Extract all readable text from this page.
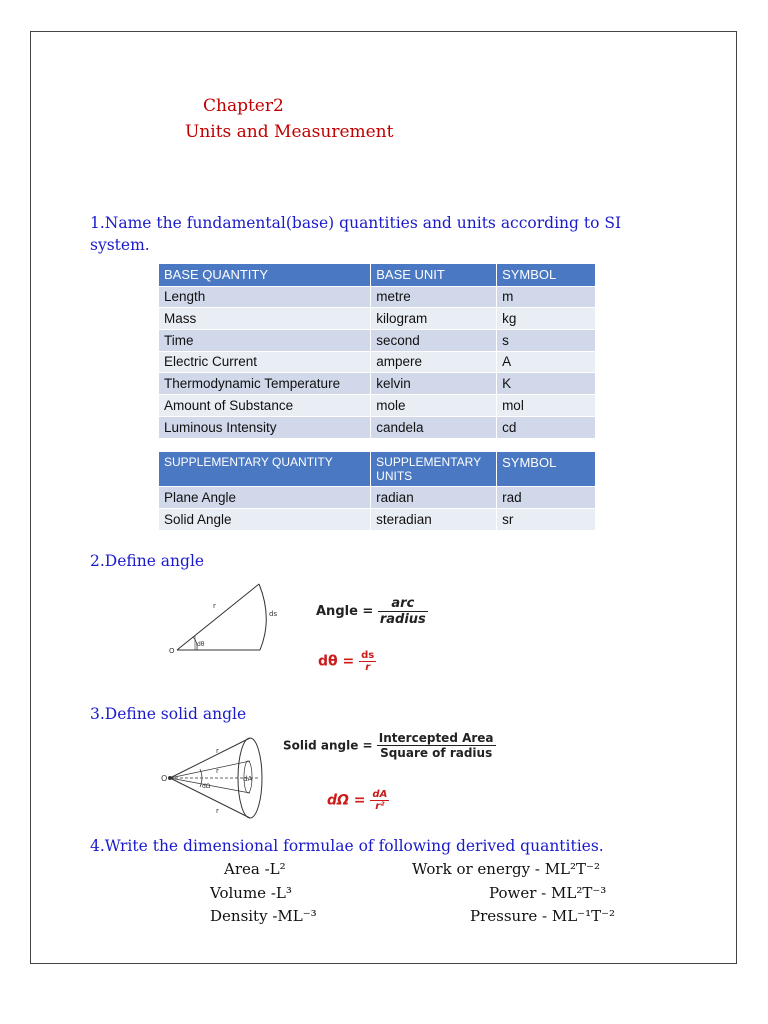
Chapter2
Units and Measurement
1.Name the fundamental(base) quantities and units according to SI
system.
BASE QUANTITY	BASE UNIT	SYMBOL
Length	metre	m
Mass	kilogram	kg
Time	second	s
Electric Current	ampere	A
Thermodynamic Temperature	kelvin	K
Amount of Substance	mole	mol
Luminous Intensity	candela	cd
SUPPLEMENTARY QUANTITY	SUPPLEMENTARY UNITS	SYMBOL
Plane Angle	radian	rad
Solid Angle	steradian	sr
2.Define angle
O
r
ds
dθ
Angle = $\frac{\text{arc}}{\text{radius}}$
$d\theta = \frac{ds}{r}$
3.Define solid angle
O
r
r
r
dA
dΩ
Solid angle = $\frac{\text{Intercepted Area}}{\text{Square of radius}}$
$d\Omega = \frac{dA}{\text{r²}}$
4.Write the dimensional formulae of following derived quantities.
Area -L²
Volume -L³
Density -ML⁻³
Work or energy - ML²T⁻²
Power - ML²T⁻³
Pressure - ML⁻¹T⁻²
